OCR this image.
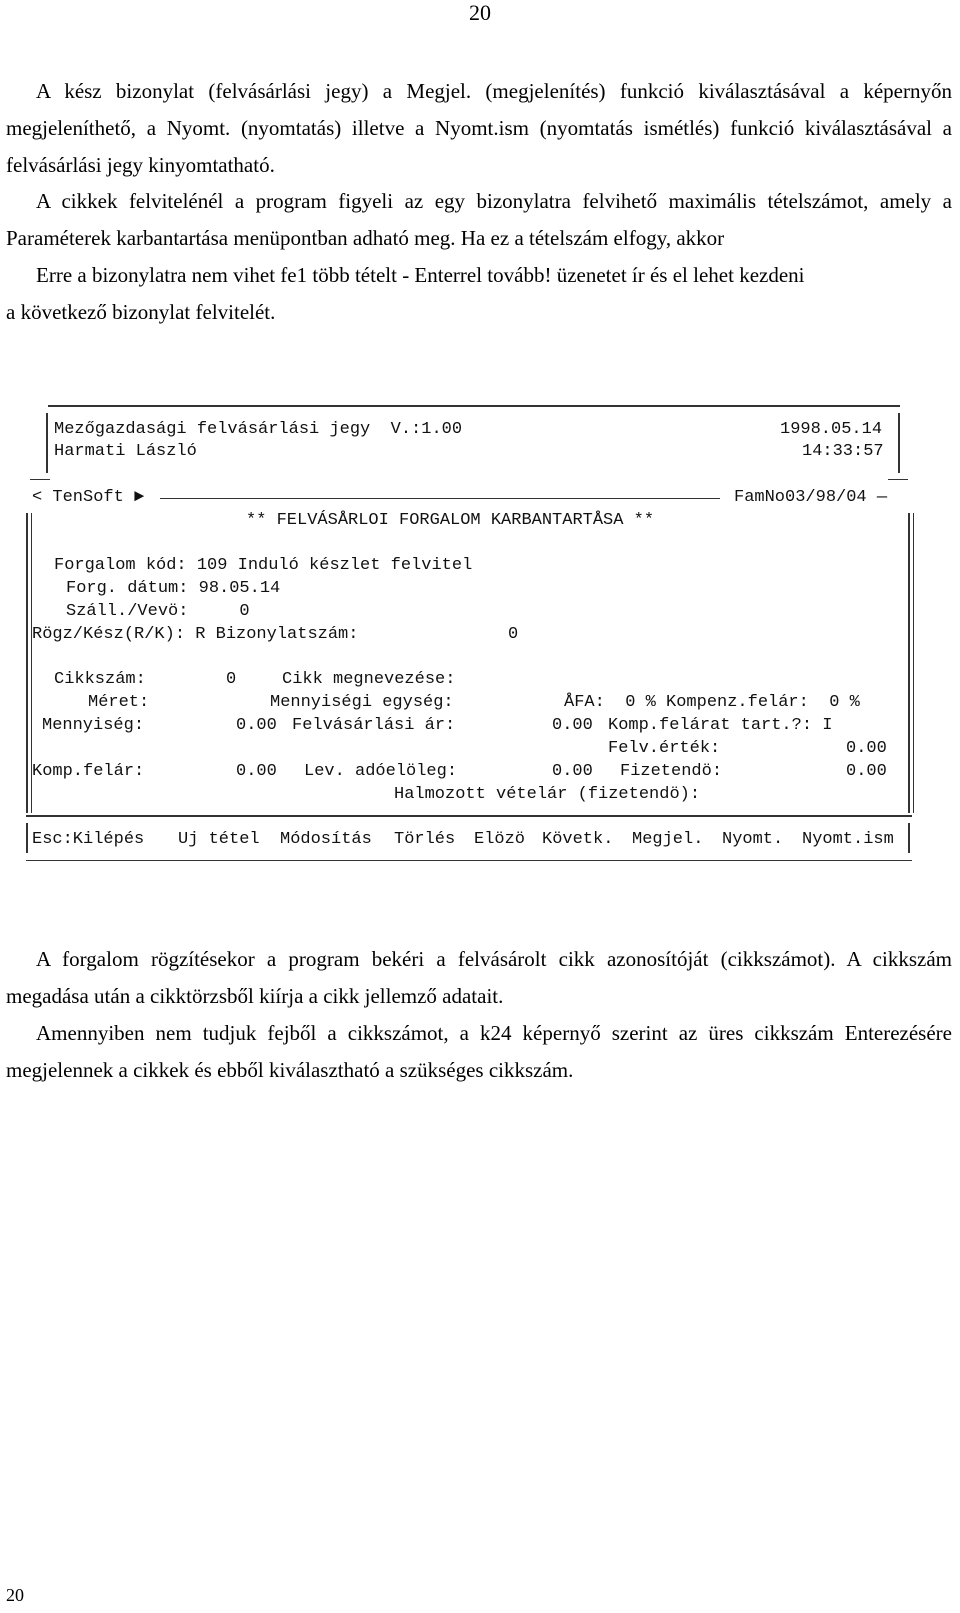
20
A kész bizonylat (felvásárlási jegy) a Megjel. (megjelenítés) funkció kiválasztásával a képernyőn megjeleníthető, a Nyomt. (nyomtatás) illetve a Nyomt.ism (nyomtatás ismétlés) funkció kiválasztásával a felvásárlási jegy kinyomtatható.
A cikkek felvitelénél a program figyeli az egy bizonylatra felvihető maximális tételszámot, amely a Paraméterek karbantartása menüpontban adható meg. Ha ez a tételszám elfogy, akkor
Erre a bizonylatra nem vihet fe1 több tételt - Enterrel tovább! üzenetet ír és el lehet kezdeni
a következő bizonylat felvitelét.
Mezőgazdasági felvásárlási jegy  V.:1.00	1998.05.14
Harmati László	14:33:57
< TenSoft ►	FamNo03/98/04 —
** FELVÁSÅRLOI FORGALOM KARBANTARTÅSA **
Forgalom kód: 109 Induló készlet felvitel
Forg. dátum: 98.05.14
Száll./Vevö:     0
Rögz/Kész(R/K): R Bizonylatszám:	0
Cikkszám:	0	Cikk megnevezése:
Méret:	Mennyiségi egység:	ÅFA:  0 % Kompenz.felár:  0 %
Mennyiség:	0.00 Felvásárlási ár:	0.00 Komp.felárat tart.?: I
Felv.érték:	0.00
Komp.felár:	0.00 Lev. adóelöleg:	0.00 Fizetendö:	0.00
Halmozott vételár (fizetendö):
Esc:Kilépés Uj tétel Módosítás Törlés Elözö Követk. Megjel. Nyomt. Nyomt.ism
A forgalom rögzítésekor a program bekéri a felvásárolt cikk azonosítóját (cikkszámot). A cikkszám megadása után a cikktörzsből kiírja a cikk jellemző adatait.
Amennyiben nem tudjuk fejből a cikkszámot, a k24 képernyő szerint az üres cikkszám Enterezésére megjelennek a cikkek és ebből kiválasztható a szükséges cikkszám.
20
